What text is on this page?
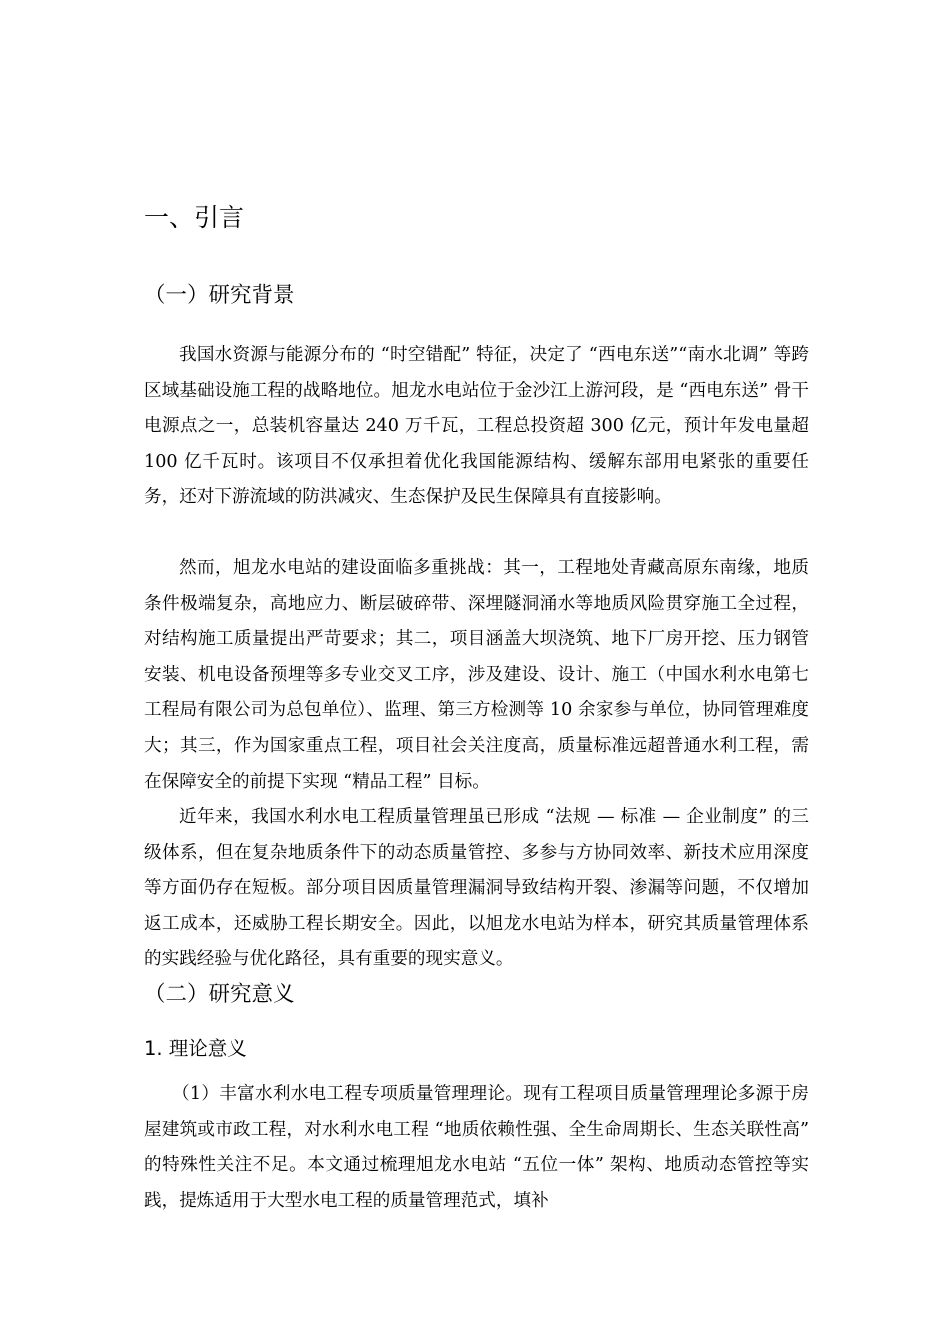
一、引言
（一）研究背景

我国水资源与能源分布的 “时空错配” 特征，决定了 “西电东送”“南水北调” 等跨区域基础设施工程的战略地位。旭龙水电站位于金沙江上游河段，是 “西电东送” 骨干电源点之一，总装机容量达 240 万千瓦，工程总投资超 300 亿元，预计年发电量超 100 亿千瓦时。该项目不仅承担着优化我国能源结构、缓解东部用电紧张的重要任务，还对下游流域的防洪减灾、生态保护及民生保障具有直接影响。

然而，旭龙水电站的建设面临多重挑战：其一，工程地处青藏高原东南缘，地质条件极端复杂，高地应力、断层破碎带、深埋隧洞涌水等地质风险贯穿施工全过程，对结构施工质量提出严苛要求；其二，项目涵盖大坝浇筑、地下厂房开挖、压力钢管安装、机电设备预埋等多专业交叉工序，涉及建设、设计、施工（中国水利水电第七工程局有限公司为总包单位）、监理、第三方检测等 10 余家参与单位，协同管理难度大；其三，作为国家重点工程，项目社会关注度高，质量标准远超普通水利工程，需在保障安全的前提下实现 “精品工程” 目标。

近年来，我国水利水电工程质量管理虽已形成 “法规 — 标准 — 企业制度” 的三级体系，但在复杂地质条件下的动态质量管控、多参与方协同效率、新技术应用深度等方面仍存在短板。部分项目因质量管理漏洞导致结构开裂、渗漏等问题，不仅增加返工成本，还威胁工程长期安全。因此，以旭龙水电站为样本，研究其质量管理体系的实践经验与优化路径，具有重要的现实意义。

（二）研究意义
1. 理论意义

（1）丰富水利水电工程专项质量管理理论。现有工程项目质量管理理论多源于房屋建筑或市政工程，对水利水电工程 “地质依赖性强、全生命周期长、生态关联性高” 的特殊性关注不足。本文通过梳理旭龙水电站 “五位一体” 架构、地质动态管控等实践，提炼适用于大型水电工程的质量管理范式，填补
